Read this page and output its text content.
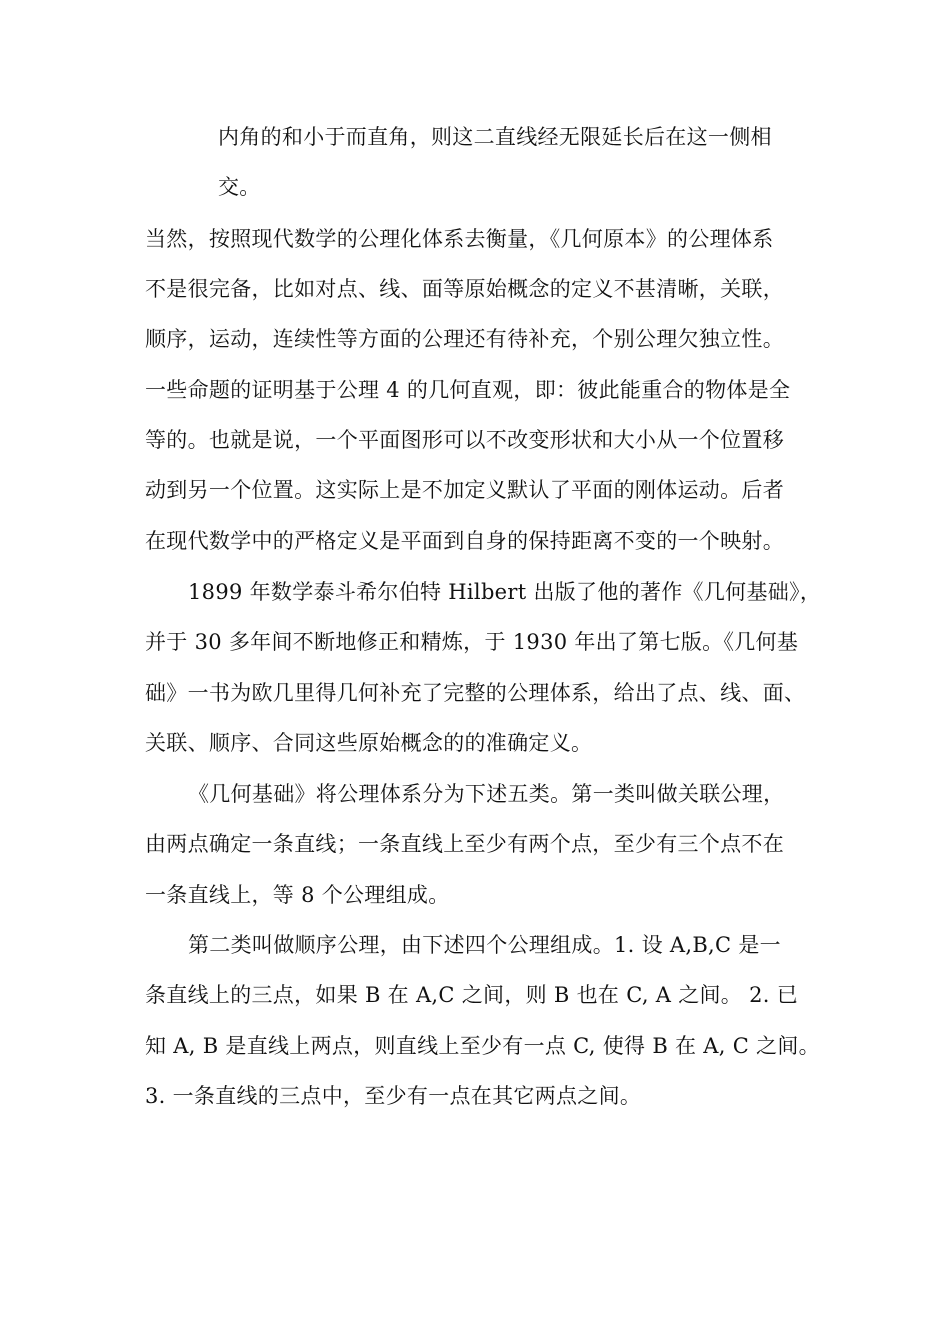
内角的和小于而直角，则这二直线经无限延长后在这一侧相
交。
当然，按照现代数学的公理化体系去衡量，《几何原本》的公理体系
不是很完备，比如对点、线、面等原始概念的定义不甚清晰，关联，
顺序，运动，连续性等方面的公理还有待补充，个别公理欠独立性。
一些命题的证明基于公理 4 的几何直观，即：彼此能重合的物体是全
等的。也就是说，一个平面图形可以不改变形状和大小从一个位置移
动到另一个位置。这实际上是不加定义默认了平面的刚体运动。后者
在现代数学中的严格定义是平面到自身的保持距离不变的一个映射。
1899 年数学泰斗希尔伯特 Hilbert 出版了他的著作《几何基础》，
并于 30 多年间不断地修正和精炼，于 1930 年出了第七版。《几何基
础》一书为欧几里得几何补充了完整的公理体系，给出了点、线、面、
关联、顺序、合同这些原始概念的的准确定义。
《几何基础》将公理体系分为下述五类。第一类叫做关联公理，
由两点确定一条直线；一条直线上至少有两个点，至少有三个点不在
一条直线上，等 8 个公理组成。
第二类叫做顺序公理，由下述四个公理组成。1. 设 A,B,C 是一
条直线上的三点，如果 B 在 A,C 之间，则 B 也在 C, A 之间。 2. 已
知 A, B 是直线上两点，则直线上至少有一点 C, 使得 B 在 A, C 之间。
3. 一条直线的三点中，至少有一点在其它两点之间。
